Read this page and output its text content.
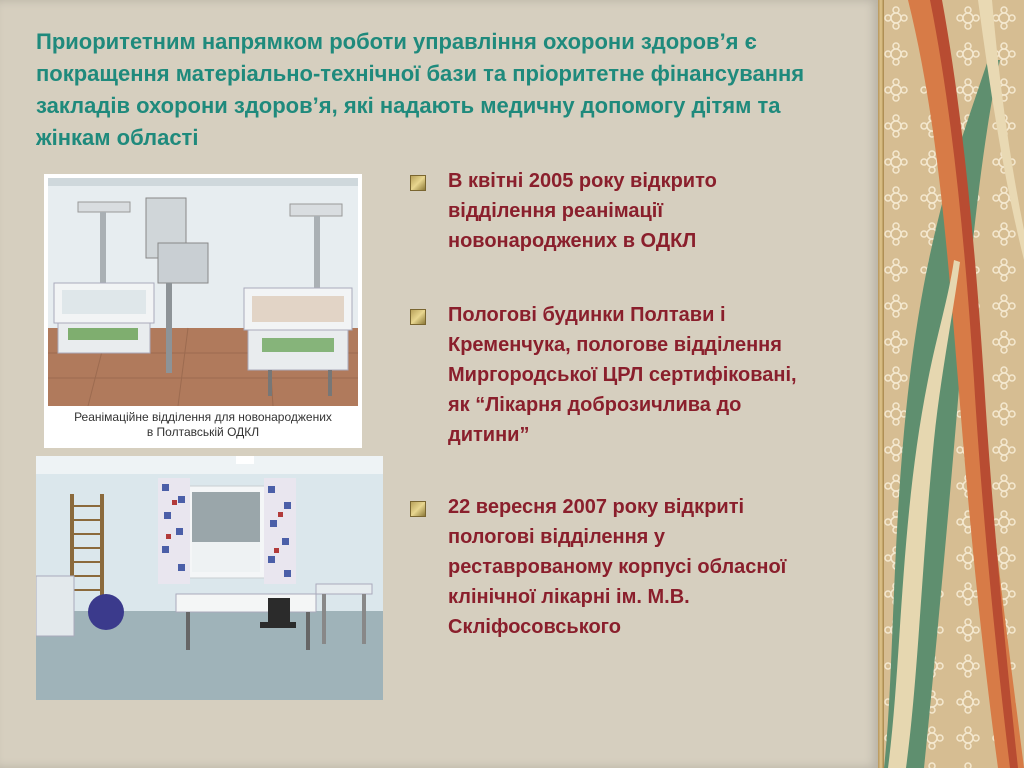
Приоритетним напрямком роботи управління охорони здоров’я є покращення матеріально-технічної бази та пріоритетне фінансування закладів охорони здоров’я, які надають медичну допомогу дітям та жінкам області
Реанімаційне відділення для новонароджених
в Полтавській ОДКЛ
В квітні 2005 року відкрито відділення реанімації новонароджених в ОДКЛ
Пологові будинки Полтави і Кременчука, пологове відділення Миргородської ЦРЛ сертифіковані, як “Лікарня доброзичлива до дитини”
22 вересня 2007 року відкриті пологові відділення у реставрованому корпусі обласної клінічної лікарні ім. М.В. Скліфосовського
